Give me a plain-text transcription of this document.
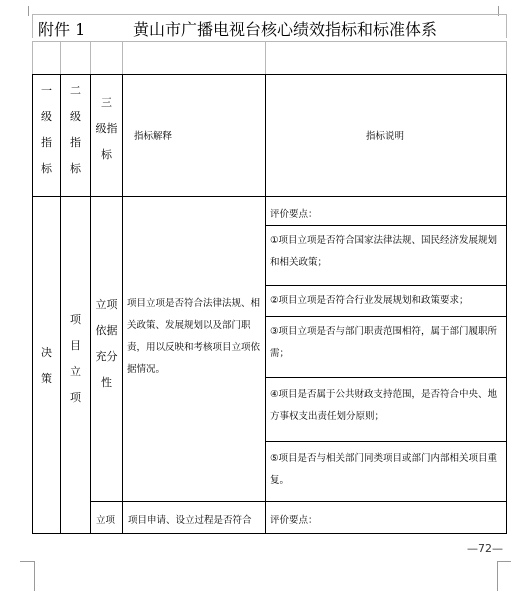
附件 1	黄山市广播电视台核心绩效指标和标准体系
一
级
指
标
二
级
指
标
三
级指
标
指标解释	指标说明
决
策
项
目
立
项
立项
依据
充分
性
项目立项是否符合法律法规、相关政策、发展规划以及部门职责，用以反映和考核项目立项依据情况。
评价要点：
①项目立项是否符合国家法律法规、国民经济发展规划和相关政策；
②项目立项是否符合行业发展规划和政策要求；
③项目立项是否与部门职责范围相符，属于部门履职所需；
④项目是否属于公共财政支持范围，是否符合中央、地方事权支出责任划分原则；
⑤项目是否与相关部门同类项目或部门内部相关项目重复。
立项 项目申请、设立过程是否符合 评价要点：
—72—
